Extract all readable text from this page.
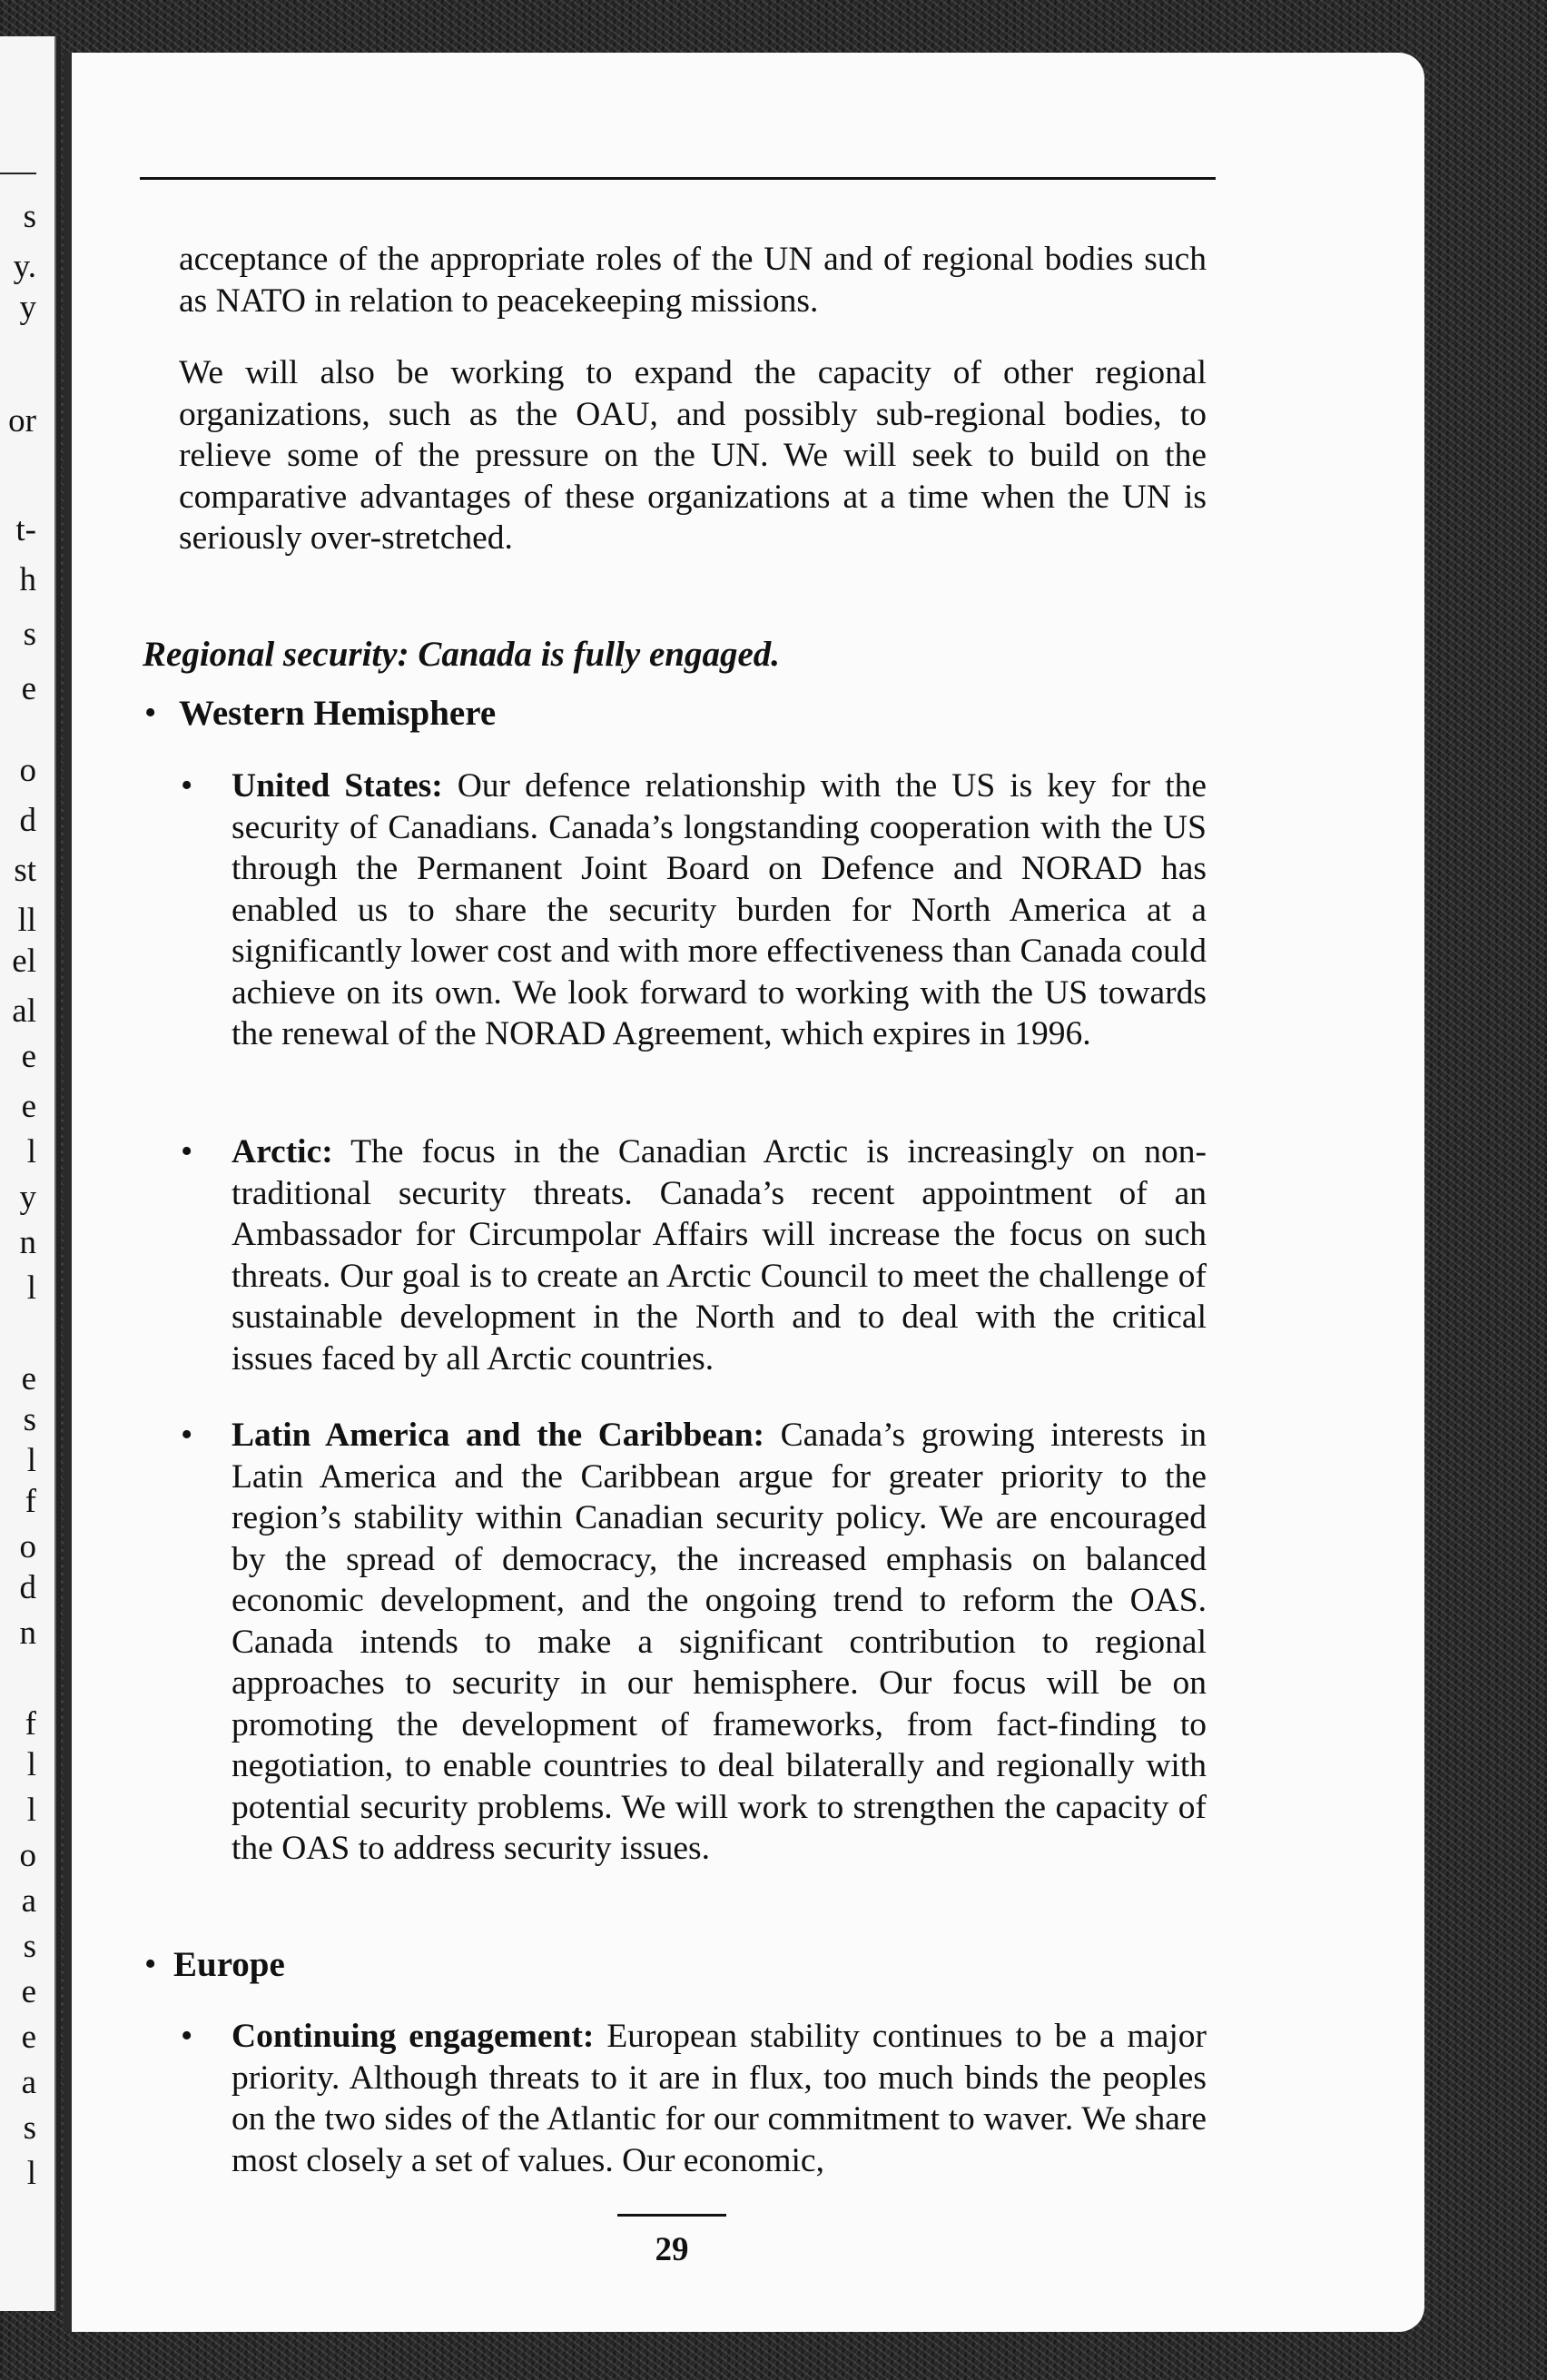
s
y.
y
or
t-
h
s
e
o
d
st
ll
el
al
e
e
l
y
n
l
e
s
l
f
o
d
n
f
l
l
o
a
s
e
e
a
s
l

acceptance of the appropriate roles of the UN and of regional bodies such as NATO in relation to peacekeeping missions.

We will also be working to expand the capacity of other regional organizations, such as the OAU, and possibly sub-regional bodies, to relieve some of the pressure on the UN. We will seek to build on the comparative advantages of these organizations at a time when the UN is seriously over-stretched.

Regional security: Canada is fully engaged.
• Western Hemisphere
• United States: Our defence relationship with the US is key for the security of Canadians. Canada’s longstanding cooperation with the US through the Permanent Joint Board on Defence and NORAD has enabled us to share the security burden for North America at a significantly lower cost and with more effectiveness than Canada could achieve on its own. We look forward to working with the US towards the renewal of the NORAD Agreement, which expires in 1996.

• Arctic: The focus in the Canadian Arctic is increasingly on non-traditional security threats. Canada’s recent appointment of an Ambassador for Circumpolar Affairs will increase the focus on such threats. Our goal is to create an Arctic Council to meet the challenge of sustainable development in the North and to deal with the critical issues faced by all Arctic countries.

• Latin America and the Caribbean: Canada’s growing interests in Latin America and the Caribbean argue for greater priority to the region’s stability within Canadian security policy. We are encouraged by the spread of democracy, the increased emphasis on balanced economic development, and the ongoing trend to reform the OAS. Canada intends to make a significant contribution to regional approaches to security in our hemisphere. Our focus will be on promoting the development of frameworks, from fact-finding to negotiation, to enable countries to deal bilaterally and regionally with potential security problems. We will work to strengthen the capacity of the OAS to address security issues.

• Europe
• Continuing engagement: European stability continues to be a major priority. Although threats to it are in flux, too much binds the peoples on the two sides of the Atlantic for our commitment to waver. We share most closely a set of values. Our economic,

29
